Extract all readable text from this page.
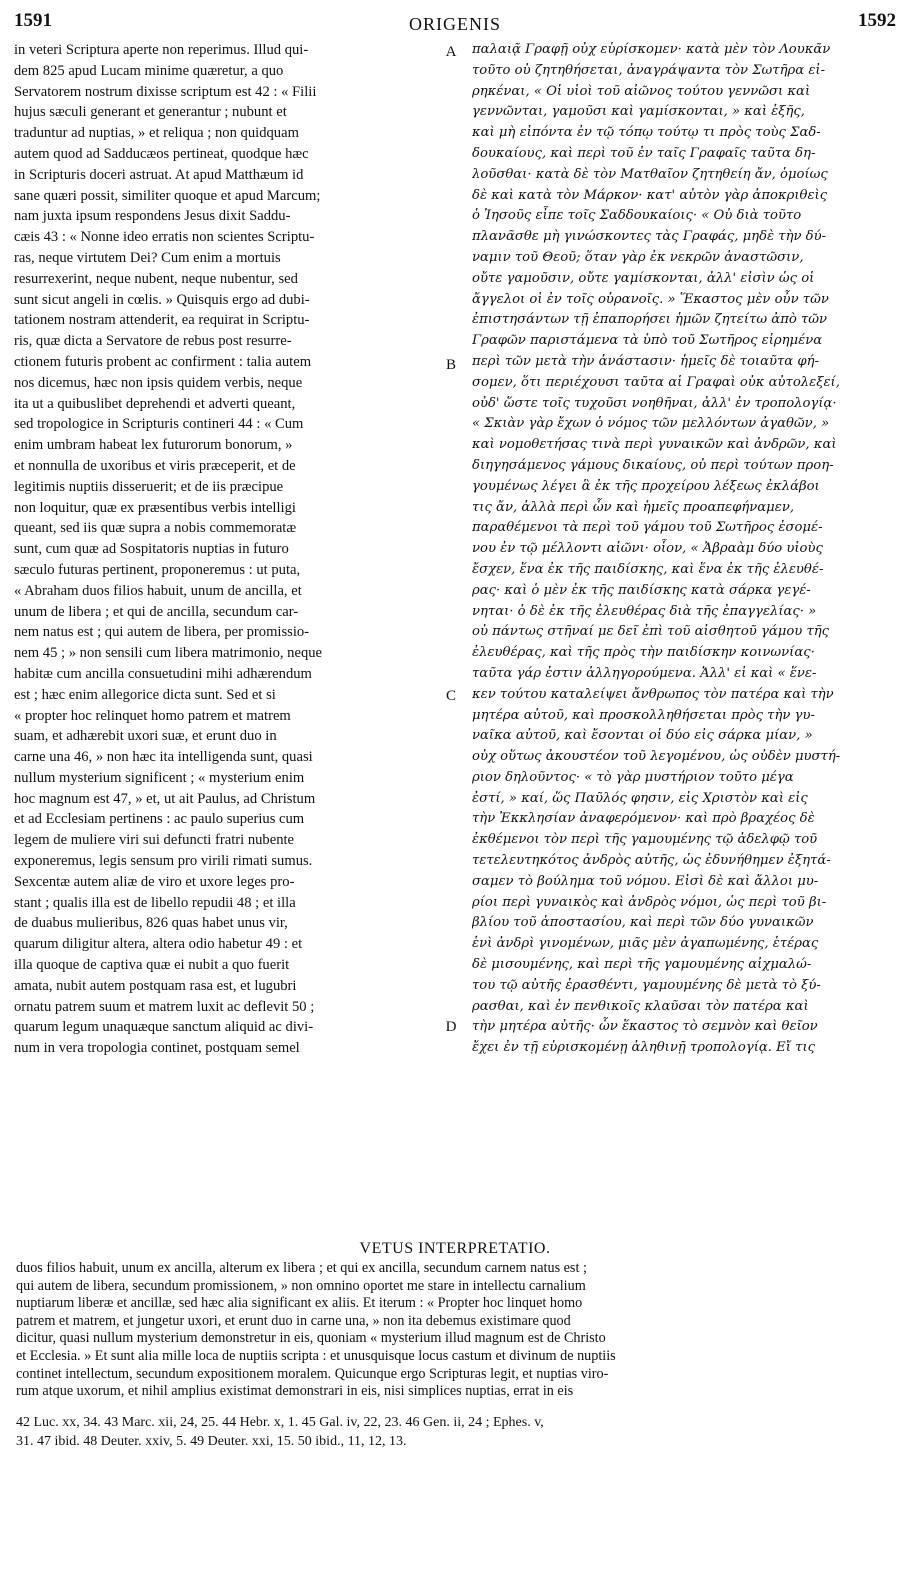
1591	ORIGENIS	1592
in veteri Scriptura aperte non reperimus. Illud qui-
dem 825 apud Lucam minime quæretur, a quo
Servatorem nostrum dixisse scriptum est 42 : « Filii
hujus sæculi generant et generantur ; nubunt et
traduntur ad nuptias, » et reliqua ; non quidquam
autem quod ad Sadducæos pertineat, quodque hæc
in Scripturis doceri astruat. At apud Matthæum id
sane quæri possit, similiter quoque et apud Marcum;
nam juxta ipsum respondens Jesus dixit Saddu-
cæis 43 : « Nonne ideo erratis non scientes Scriptu-
ras, neque virtutem Dei? Cum enim a mortuis
resurrexerint, neque nubent, neque nubentur, sed
sunt sicut angeli in cœlis. » Quisquis ergo ad dubi-
tationem nostram attenderit, ea requirat in Scriptu-
ris, quæ dicta a Servatore de rebus post resurre-
ctionem futuris probent ac confirment : talia autem
nos dicemus, hæc non ipsis quidem verbis, neque
ita ut a quibuslibet deprehendi et adverti queant,
sed tropologice in Scripturis contineri 44 : « Cum
enim umbram habeat lex futurorum bonorum, »
et nonnulla de uxoribus et viris præceperit, et de
legitimis nuptiis disseruerit; et de iis præcipue
non loquitur, quæ ex præsentibus verbis intelligi
queant, sed iis quæ supra a nobis commemoratæ
sunt, cum quæ ad Sospitatoris nuptias in futuro
sæculo futuras pertinent, proponeremus : ut puta,
« Abraham duos filios habuit, unum de ancilla, et
unum de libera ; et qui de ancilla, secundum car-
nem natus est ; qui autem de libera, per promissio-
nem 45 ; » non sensili cum libera matrimonio, neque
habitæ cum ancilla consuetudini mihi adhærendum
est ; hæc enim allegorice dicta sunt. Sed et si
« propter hoc relinquet homo patrem et matrem
suam, et adhærebit uxori suæ, et erunt duo in
carne una 46, » non hæc ita intelligenda sunt, quasi
nullum mysterium significent ; « mysterium enim
hoc magnum est 47, » et, ut ait Paulus, ad Christum
et ad Ecclesiam pertinens : ac paulo superius cum
legem de muliere viri sui defuncti fratri nubente
exponeremus, legis sensum pro virili rimati sumus.
Sexcentæ autem aliæ de viro et uxore leges pro-
stant ; qualis illa est de libello repudii 48 ; et illa
de duabus mulieribus, 826 quas habet unus vir,
quarum diligitur altera, altera odio habetur 49 : et
illa quoque de captiva quæ ei nubit a quo fuerit
amata, nubit autem postquam rasa est, et lugubri
ornatu patrem suum et matrem luxit ac deflevit 50 ;
quarum legum unaquæque sanctum aliquid ac divi-
num in vera tropologia continet, postquam semel
παλαιᾷ Γραφῇ οὐχ εὑρίσκομεν· κατὰ μὲν τὸν Λουκᾶν
τοῦτο οὐ ζητηθήσεται, ἀναγράψαντα τὸν Σωτῆρα εἰ-
ρηκέναι, « Οἱ υἱοὶ τοῦ αἰῶνος τούτου γεννῶσι καὶ
γεννῶνται, γαμοῦσι καὶ γαμίσκονται, » καὶ ἑξῆς,
καὶ μὴ εἰπόντα ἐν τῷ τόπῳ τούτῳ τι πρὸς τοὺς Σαδ-
δουκαίους, καὶ περὶ τοῦ ἐν ταῖς Γραφαῖς ταῦτα δη-
λοῦσθαι· κατὰ δὲ τὸν Ματθαῖον ζητηθείη ἄν, ὁμοίως
δὲ καὶ κατὰ τὸν Μάρκον· κατ' αὐτὸν γὰρ ἀποκριθεὶς
ὁ Ἰησοῦς εἶπε τοῖς Σαδδουκαίοις· « Οὐ διὰ τοῦτο
πλανᾶσθε μὴ γινώσκοντες τὰς Γραφάς, μηδὲ τὴν δύ-
ναμιν τοῦ Θεοῦ; ὅταν γὰρ ἐκ νεκρῶν ἀναστῶσιν,
οὔτε γαμοῦσιν, οὔτε γαμίσκονται, ἀλλ' εἰσὶν ὡς οἱ
ἄγγελοι οἱ ἐν τοῖς οὐρανοῖς. » Ἕκαστος μὲν οὖν τῶν
ἐπιστησάντων τῇ ἐπαπορήσει ἡμῶν ζητείτω ἀπὸ τῶν
Γραφῶν παριστάμενα τὰ ὑπὸ τοῦ Σωτῆρος εἰρημένα
περὶ τῶν μετὰ τὴν ἀνάστασιν· ἡμεῖς δὲ τοιαῦτα φή-
σομεν, ὅτι περιέχουσι ταῦτα αἱ Γραφαὶ οὐκ αὐτολεξεί,
οὐδ' ὥστε τοῖς τυχοῦσι νοηθῆναι, ἀλλ' ἐν τροπολογίᾳ·
« Σκιὰν γὰρ ἔχων ὁ νόμος τῶν μελλόντων ἀγαθῶν, »
καὶ νομοθετήσας τινὰ περὶ γυναικῶν καὶ ἀνδρῶν, καὶ
διηγησάμενος γάμους δικαίους, οὐ περὶ τούτων προη-
γουμένως λέγει ἃ ἐκ τῆς προχείρου λέξεως ἐκλάβοι
τις ἄν, ἀλλὰ περὶ ὧν καὶ ἡμεῖς προαπεφήναμεν,
παραθέμενοι τὰ περὶ τοῦ γάμου τοῦ Σωτῆρος ἐσομέ-
νου ἐν τῷ μέλλοντι αἰῶνι· οἷον, « Ἀβραὰμ δύο υἱοὺς
ἔσχεν, ἕνα ἐκ τῆς παιδίσκης, καὶ ἕνα ἐκ τῆς ἐλευθέ-
ρας· καὶ ὁ μὲν ἐκ τῆς παιδίσκης κατὰ σάρκα γεγέ-
νηται· ὁ δὲ ἐκ τῆς ἐλευθέρας διὰ τῆς ἐπαγγελίας· »
οὐ πάντως στῆναί με δεῖ ἐπὶ τοῦ αἰσθητοῦ γάμου τῆς
ἐλευθέρας, καὶ τῆς πρὸς τὴν παιδίσκην κοινωνίας·
ταῦτα γάρ ἐστιν ἀλληγορούμενα. Ἀλλ' εἰ καὶ « ἕνε-
κεν τούτου καταλείψει ἄνθρωπος τὸν πατέρα καὶ τὴν
μητέρα αὐτοῦ, καὶ προσκολληθήσεται πρὸς τὴν γυ-
ναῖκα αὐτοῦ, καὶ ἔσονται οἱ δύο εἰς σάρκα μίαν, »
οὐχ οὕτως ἀκουστέον τοῦ λεγομένου, ὡς οὐδὲν μυστή-
ριον δηλοῦντος· « τὸ γὰρ μυστήριον τοῦτο μέγα
ἐστί, » καί, ὥς Παῦλός φησιν, εἰς Χριστὸν καὶ εἰς
τὴν Ἐκκλησίαν ἀναφερόμενον· καὶ πρὸ βραχέος δὲ
ἐκθέμενοι τὸν περὶ τῆς γαμουμένης τῷ ἀδελφῷ τοῦ
τετελευτηκότος ἀνδρὸς αὐτῆς, ὡς ἐδυνήθημεν ἐξητά-
σαμεν τὸ βούλημα τοῦ νόμου. Εἰσὶ δὲ καὶ ἄλλοι μυ-
ρίοι περὶ γυναικὸς καὶ ἀνδρὸς νόμοι, ὡς περὶ τοῦ βι-
βλίου τοῦ ἀποστασίου, καὶ περὶ τῶν δύο γυναικῶν
ἑνὶ ἀνδρὶ γινομένων, μιᾶς μὲν ἀγαπωμένης, ἑτέρας
δὲ μισουμένης, καὶ περὶ τῆς γαμουμένης αἰχμαλώ-
του τῷ αὐτῆς ἐρασθέντι, γαμουμένης δὲ μετὰ τὸ ξύ-
ρασθαι, καὶ ἐν πενθικοῖς κλαῦσαι τὸν πατέρα καὶ
τὴν μητέρα αὐτῆς· ὧν ἕκαστος τὸ σεμνὸν καὶ θεῖον
ἔχει ἐν τῇ εὑρισκομένῃ ἀληθινῇ τροπολογίᾳ. Εἴ τις
A
B
C
D
VETUS INTERPRETATIO.
duos filios habuit, unum ex ancilla, alterum ex libera ; et qui ex ancilla, secundum carnem natus est ;
qui autem de libera, secundum promissionem, » non omnino oportet me stare in intellectu carnalium
nuptiarum liberæ et ancillæ, sed hæc alia significant ex aliis. Et iterum : « Propter hoc linquet homo
patrem et matrem, et jungetur uxori, et erunt duo in carne una, » non ita debemus existimare quod
dicitur, quasi nullum mysterium demonstretur in eis, quoniam « mysterium illud magnum est de Christo
et Ecclesia. » Et sunt alia mille loca de nuptiis scripta : et unusquisque locus castum et divinum de nuptiis
continet intellectum, secundum expositionem moralem. Quicunque ergo Scripturas legit, et nuptias viro-
rum atque uxorum, et nihil amplius existimat demonstrari in eis, nisi simplices nuptias, errat in eis
42 Luc. xx, 34. 43 Marc. xii, 24, 25. 44 Hebr. x, 1. 45 Gal. iv, 22, 23. 46 Gen. ii, 24 ; Ephes. v,
31. 47 ibid. 48 Deuter. xxiv, 5. 49 Deuter. xxi, 15. 50 ibid., 11, 12, 13.
